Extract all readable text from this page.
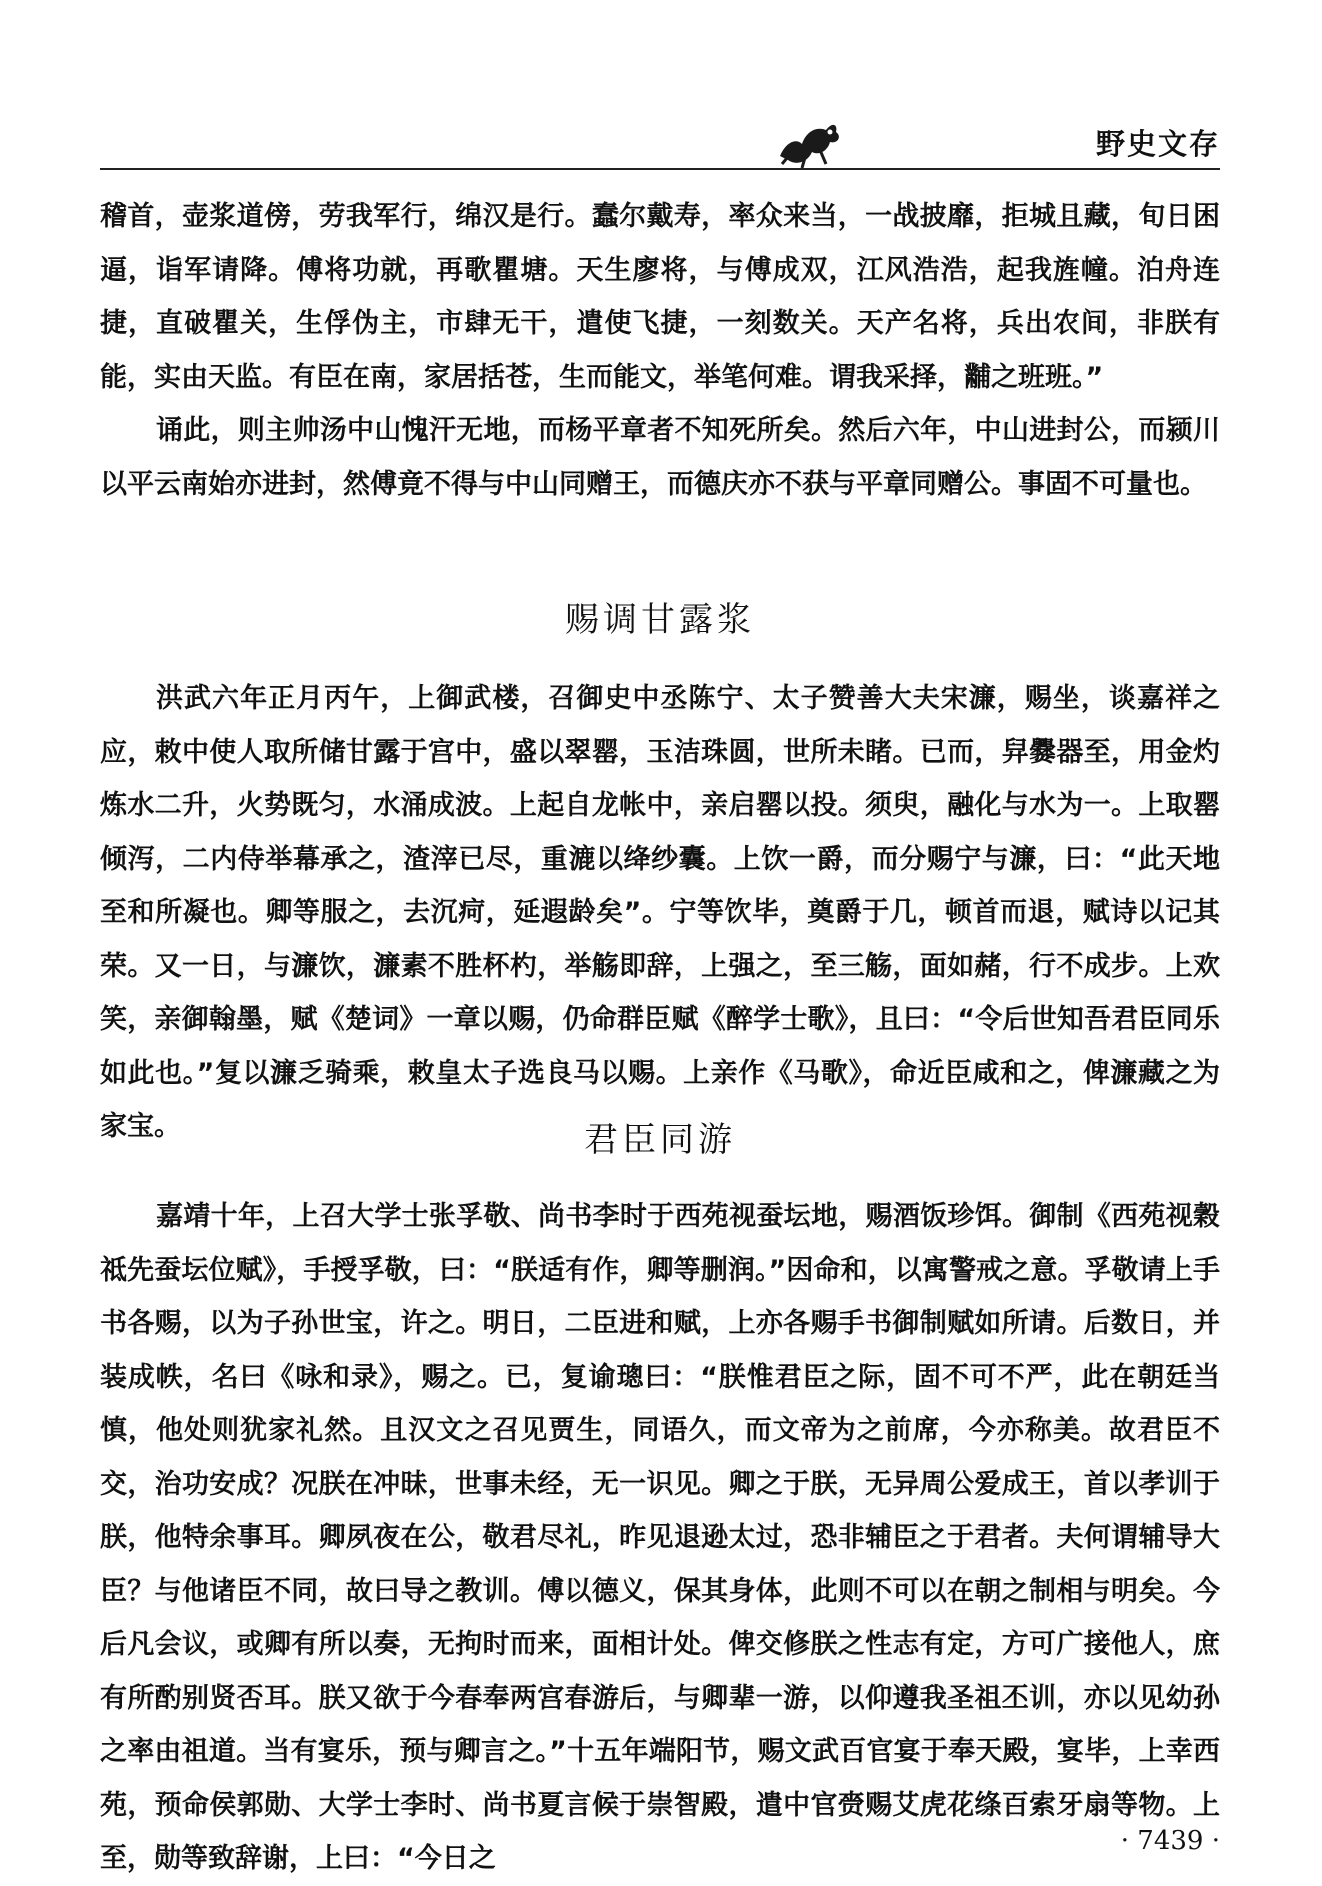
野史文存

稽首，壶浆道傍，劳我军行，绵汉是行。蠢尔戴寿，率众来当，一战披靡，拒城且藏，旬日困逼，诣军请降。傅将功就，再歌瞿塘。天生廖将，与傅成双，江风浩浩，起我旌幢。泊舟连捷，直破瞿关，生俘伪主，市肆无干，遣使飞捷，一刻数关。天产名将，兵出农间，非朕有能，实由天监。有臣在南，家居括苍，生而能文，举笔何难。谓我采择，黼之班班。”

诵此，则主帅汤中山愧汗无地，而杨平章者不知死所矣。然后六年，中山进封公，而颍川以平云南始亦进封，然傅竟不得与中山同赠王，而德庆亦不获与平章同赠公。事固不可量也。

赐调甘露浆

洪武六年正月丙午，上御武楼，召御史中丞陈宁、太子赞善大夫宋濂，赐坐，谈嘉祥之应，敕中使人取所储甘露于宫中，盛以翠罂，玉洁珠圆，世所未睹。已而，舁爨器至，用金灼炼水二升，火势既匀，水涌成波。上起自龙帐中，亲启罂以投。须臾，融化与水为一。上取罂倾泻，二内侍举幕承之，渣滓已尽，重漉以绛纱囊。上饮一爵，而分赐宁与濂，曰：“此天地至和所凝也。卿等服之，去沉疴，延遐龄矣”。宁等饮毕，奠爵于几，顿首而退，赋诗以记其荣。又一日，与濂饮，濂素不胜杯杓，举觞即辞，上强之，至三觞，面如赭，行不成步。上欢笑，亲御翰墨，赋《楚词》一章以赐，仍命群臣赋《醉学士歌》，且曰：“令后世知吾君臣同乐如此也。”复以濂乏骑乘，敕皇太子选良马以赐。上亲作《马歌》，命近臣咸和之，俾濂藏之为家宝。	君臣同游

嘉靖十年，上召大学士张孚敬、尚书李时于西苑视蚕坛地，赐酒饭珍饵。御制《西苑视穀祗先蚕坛位赋》，手授孚敬，曰：“朕适有作，卿等删润。”因命和，以寓警戒之意。孚敬请上手书各赐，以为子孙世宝，许之。明日，二臣进和赋，上亦各赐手书御制赋如所请。后数日，并装成帙，名曰《咏和录》，赐之。已，复谕璁曰：“朕惟君臣之际，固不可不严，此在朝廷当慎，他处则犹家礼然。且汉文之召见贾生，同语久，而文帝为之前席，今亦称美。故君臣不交，治功安成？况朕在冲昧，世事未经，无一识见。卿之于朕，无异周公爱成王，首以孝训于朕，他特余事耳。卿夙夜在公，敬君尽礼，昨见退逊太过，恐非辅臣之于君者。夫何谓辅导大臣？与他诸臣不同，故曰导之教训。傅以德义，保其身体，此则不可以在朝之制相与明矣。今后凡会议，或卿有所以奏，无拘时而来，面相计处。俾交修朕之性志有定，方可广接他人，庶有所酌别贤否耳。朕又欲于今春奉两宫春游后，与卿辈一游，以仰遵我圣祖丕训，亦以见幼孙之率由祖道。当有宴乐，预与卿言之。”十五年端阳节，赐文武百官宴于奉天殿，宴毕，上幸西苑，预命侯郭勋、大学士李时、尚书夏言候于崇智殿，遣中官赍赐艾虎花绦百索牙扇等物。上至，勋等致辞谢，上曰：“今日之

· 7439 ·
